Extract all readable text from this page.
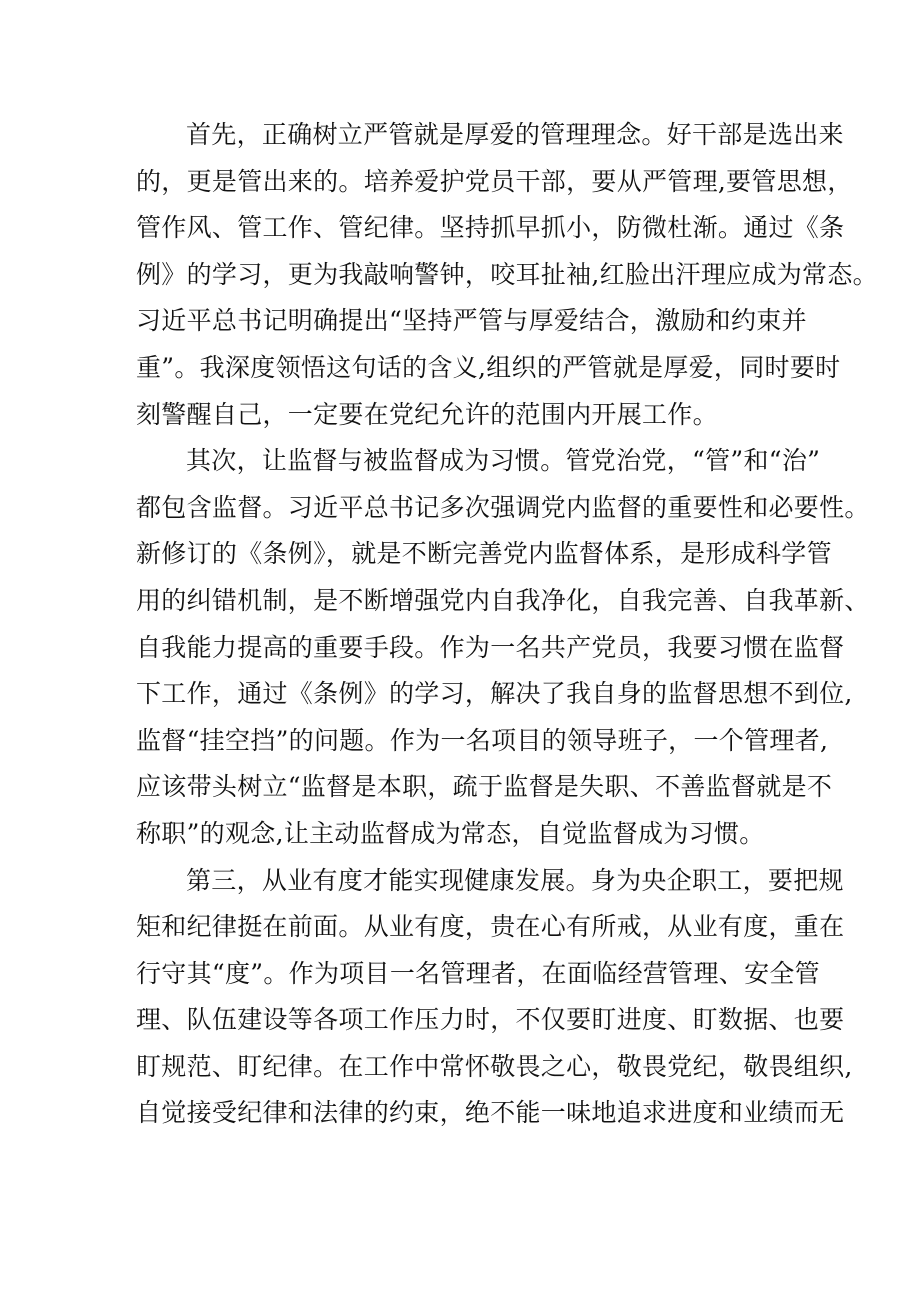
首先，正确树立严管就是厚爱的管理理念。好干部是选出来
的，更是管出来的。培养爱护党员干部，要从严管理,要管思想，
管作风、管工作、管纪律。坚持抓早抓小，防微杜渐。通过《条
例》的学习，更为我敲响警钟，咬耳扯袖,红脸出汗理应成为常态。
习近平总书记明确提出“坚持严管与厚爱结合，激励和约束并
重”。我深度领悟这句话的含义,组织的严管就是厚爱，同时要时
刻警醒自己，一定要在党纪允许的范围内开展工作。
其次，让监督与被监督成为习惯。管党治党，“管”和“治”
都包含监督。习近平总书记多次强调党内监督的重要性和必要性。
新修订的《条例》，就是不断完善党内监督体系，是形成科学管
用的纠错机制，是不断增强党内自我净化，自我完善、自我革新、
自我能力提高的重要手段。作为一名共产党员，我要习惯在监督
下工作，通过《条例》的学习，解决了我自身的监督思想不到位,
监督“挂空挡”的问题。作为一名项目的领导班子，一个管理者,
应该带头树立“监督是本职，疏于监督是失职、不善监督就是不
称职”的观念,让主动监督成为常态，自觉监督成为习惯。
第三，从业有度才能实现健康发展。身为央企职工，要把规
矩和纪律挺在前面。从业有度，贵在心有所戒，从业有度，重在
行守其“度”。作为项目一名管理者，在面临经营管理、安全管
理、队伍建设等各项工作压力时，不仅要盯进度、盯数据、也要
盯规范、盯纪律。在工作中常怀敬畏之心，敬畏党纪，敬畏组织,
自觉接受纪律和法律的约束，绝不能一味地追求进度和业绩而无
